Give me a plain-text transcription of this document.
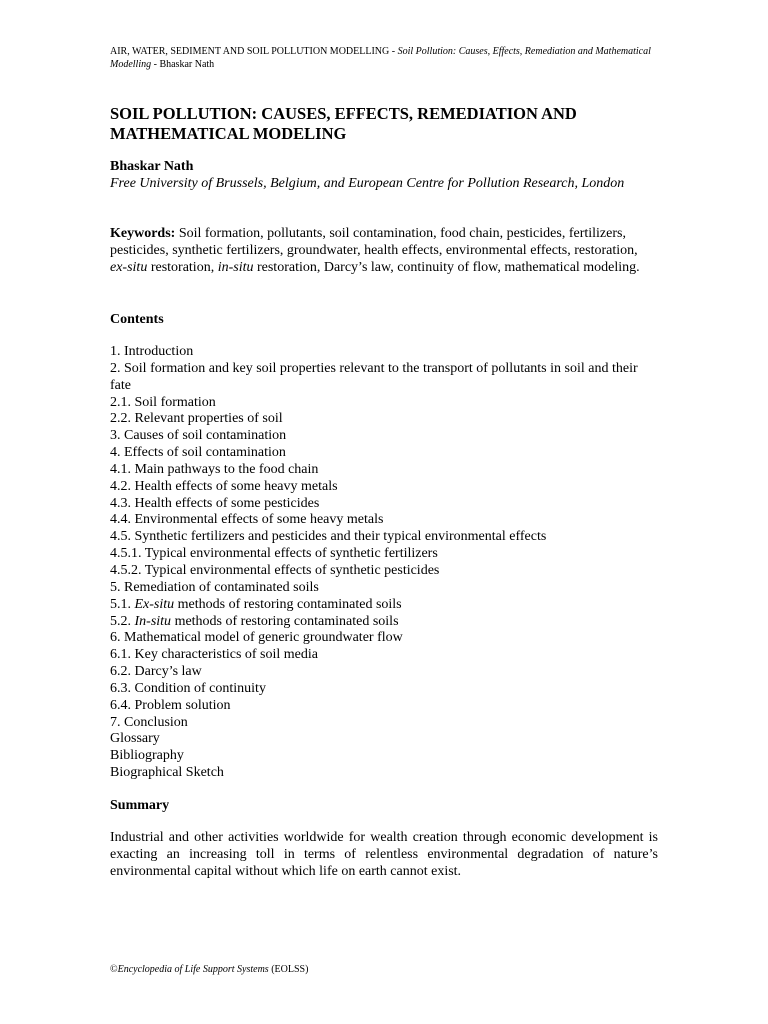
AIR, WATER, SEDIMENT AND SOIL POLLUTION MODELLING - Soil Pollution: Causes, Effects, Remediation and Mathematical Modelling - Bhaskar Nath
SOIL POLLUTION: CAUSES, EFFECTS, REMEDIATION AND MATHEMATICAL MODELING
Bhaskar Nath
Free University of Brussels, Belgium, and European Centre for Pollution Research, London
Keywords: Soil formation, pollutants, soil contamination, food chain, pesticides, fertilizers, pesticides, synthetic fertilizers, groundwater, health effects, environmental effects, restoration, ex-situ restoration, in-situ restoration, Darcy’s law, continuity of flow, mathematical modeling.
Contents
1. Introduction
2. Soil formation and key soil properties relevant to the transport of pollutants in soil and their fate
2.1. Soil formation
2.2. Relevant properties of soil
3. Causes of soil contamination
4. Effects of soil contamination
4.1. Main pathways to the food chain
4.2. Health effects of some heavy metals
4.3. Health effects of some pesticides
4.4. Environmental effects of some heavy metals
4.5. Synthetic fertilizers and pesticides and their typical environmental effects
4.5.1. Typical environmental effects of synthetic fertilizers
4.5.2. Typical environmental effects of synthetic pesticides
5. Remediation of contaminated soils
5.1. Ex-situ methods of restoring contaminated soils
5.2. In-situ methods of restoring contaminated soils
6. Mathematical model of generic groundwater flow
6.1. Key characteristics of soil media
6.2. Darcy’s law
6.3. Condition of continuity
6.4. Problem solution
7. Conclusion
Glossary
Bibliography
Biographical Sketch
Summary

Industrial and other activities worldwide for wealth creation through economic development is exacting an increasing toll in terms of relentless environmental degradation of nature’s environmental capital without which life on earth cannot exist.

©Encyclopedia of Life Support Systems (EOLSS)
